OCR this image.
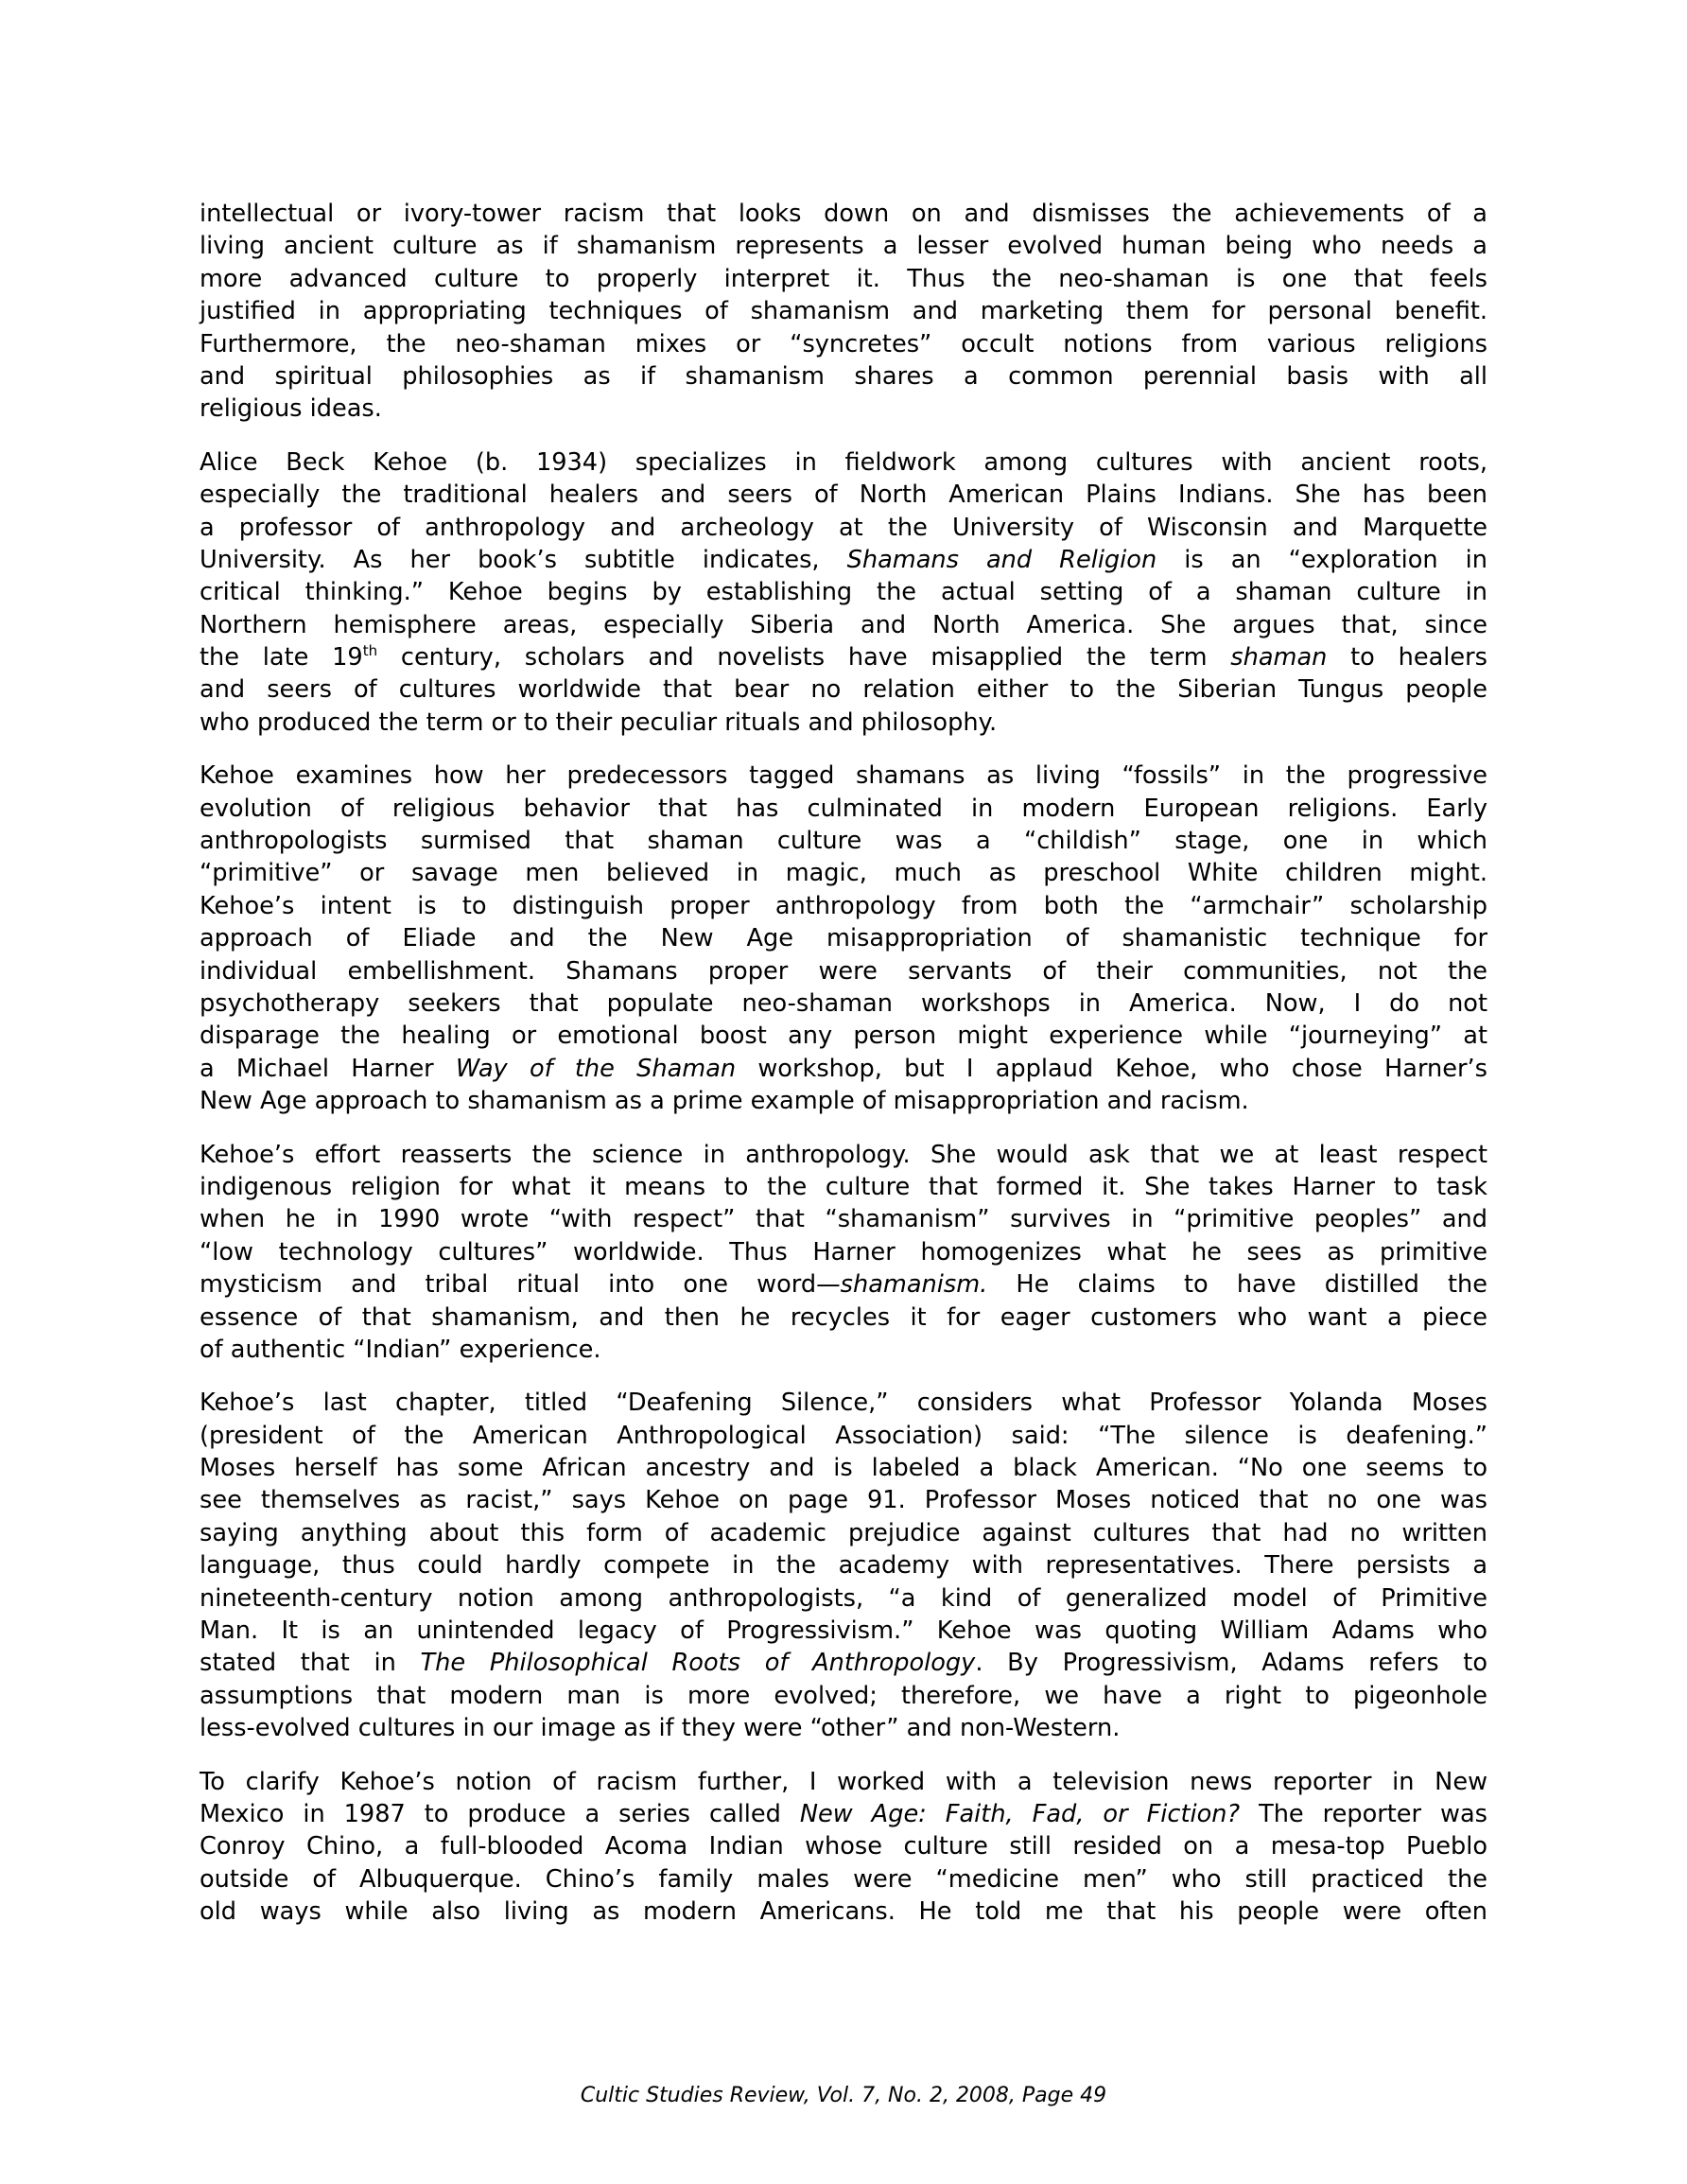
intellectual or ivory-tower racism that looks down on and dismisses the achievements of a
living ancient culture as if shamanism represents a lesser evolved human being who needs a
more advanced culture to properly interpret it. Thus the neo-shaman is one that feels
justified in appropriating techniques of shamanism and marketing them for personal benefit.
Furthermore, the neo-shaman mixes or “syncretes” occult notions from various religions
and spiritual philosophies as if shamanism shares a common perennial basis with all
religious ideas.
Alice Beck Kehoe (b. 1934) specializes in fieldwork among cultures with ancient roots,
especially the traditional healers and seers of North American Plains Indians. She has been
a professor of anthropology and archeology at the University of Wisconsin and Marquette
University. As her book’s subtitle indicates, Shamans and Religion is an “exploration in
critical thinking.” Kehoe begins by establishing the actual setting of a shaman culture in
Northern hemisphere areas, especially Siberia and North America. She argues that, since
the late 19th century, scholars and novelists have misapplied the term shaman to healers
and seers of cultures worldwide that bear no relation either to the Siberian Tungus people
who produced the term or to their peculiar rituals and philosophy.
Kehoe examines how her predecessors tagged shamans as living “fossils” in the progressive
evolution of religious behavior that has culminated in modern European religions. Early
anthropologists surmised that shaman culture was a “childish” stage, one in which
“primitive” or savage men believed in magic, much as preschool White children might.
Kehoe’s intent is to distinguish proper anthropology from both the “armchair” scholarship
approach of Eliade and the New Age misappropriation of shamanistic technique for
individual embellishment. Shamans proper were servants of their communities, not the
psychotherapy seekers that populate neo-shaman workshops in America. Now, I do not
disparage the healing or emotional boost any person might experience while “journeying” at
a Michael Harner Way of the Shaman workshop, but I applaud Kehoe, who chose Harner’s
New Age approach to shamanism as a prime example of misappropriation and racism.
Kehoe’s effort reasserts the science in anthropology. She would ask that we at least respect
indigenous religion for what it means to the culture that formed it. She takes Harner to task
when he in 1990 wrote “with respect” that “shamanism” survives in “primitive peoples” and
“low technology cultures” worldwide. Thus Harner homogenizes what he sees as primitive
mysticism and tribal ritual into one word—shamanism. He claims to have distilled the
essence of that shamanism, and then he recycles it for eager customers who want a piece
of authentic “Indian” experience.
Kehoe’s last chapter, titled “Deafening Silence,” considers what Professor Yolanda Moses
(president of the American Anthropological Association) said: “The silence is deafening.”
Moses herself has some African ancestry and is labeled a black American. “No one seems to
see themselves as racist,” says Kehoe on page 91. Professor Moses noticed that no one was
saying anything about this form of academic prejudice against cultures that had no written
language, thus could hardly compete in the academy with representatives. There persists a
nineteenth-century notion among anthropologists, “a kind of generalized model of Primitive
Man. It is an unintended legacy of Progressivism.” Kehoe was quoting William Adams who
stated that in The Philosophical Roots of Anthropology. By Progressivism, Adams refers to
assumptions that modern man is more evolved; therefore, we have a right to pigeonhole
less-evolved cultures in our image as if they were “other” and non-Western.
To clarify Kehoe’s notion of racism further, I worked with a television news reporter in New
Mexico in 1987 to produce a series called New Age: Faith, Fad, or Fiction? The reporter was
Conroy Chino, a full-blooded Acoma Indian whose culture still resided on a mesa-top Pueblo
outside of Albuquerque. Chino’s family males were “medicine men” who still practiced the
old ways while also living as modern Americans. He told me that his people were often
Cultic Studies Review, Vol. 7, No. 2, 2008, Page 49
